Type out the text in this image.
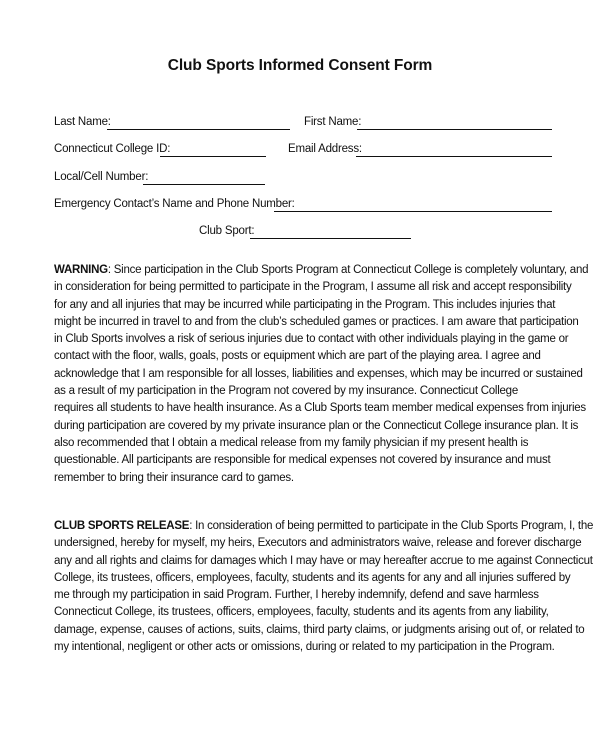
Club Sports Informed Consent Form
Last Name:	First Name:
Connecticut College ID:	Email Address:
Local/Cell Number:
Emergency Contact’s Name and Phone Number:
Club Sport:
WARNING: Since participation in the Club Sports Program at Connecticut College is completely voluntary, and
in consideration for being permitted to participate in the Program, I assume all risk and accept responsibility
for any and all injuries that may be incurred while participating in the Program. This includes injuries that
might be incurred in travel to and from the club’s scheduled games or practices. I am aware that participation
in Club Sports involves a risk of serious injuries due to contact with other individuals playing in the game or
contact with the floor, walls, goals, posts or equipment which are part of the playing area. I agree and
acknowledge that I am responsible for all losses, liabilities and expenses, which may be incurred or sustained
as a result of my participation in the Program not covered by my insurance. Connecticut College
requires all students to have health insurance. As a Club Sports team member medical expenses from injuries
during participation are covered by my private insurance plan or the Connecticut College insurance plan. It is
also recommended that I obtain a medical release from my family physician if my present health is
questionable. All participants are responsible for medical expenses not covered by insurance and must
remember to bring their insurance card to games.
CLUB SPORTS RELEASE: In consideration of being permitted to participate in the Club Sports Program, I, the
undersigned, hereby for myself, my heirs, Executors and administrators waive, release and forever discharge
any and all rights and claims for damages which I may have or may hereafter accrue to me against Connecticut
College, its trustees, officers, employees, faculty, students and its agents for any and all injuries suffered by
me through my participation in said Program. Further, I hereby indemnify, defend and save harmless
Connecticut College, its trustees, officers, employees, faculty, students and its agents from any liability,
damage, expense, causes of actions, suits, claims, third party claims, or judgments arising out of, or related to
my intentional, negligent or other acts or omissions, during or related to my participation in the Program.
